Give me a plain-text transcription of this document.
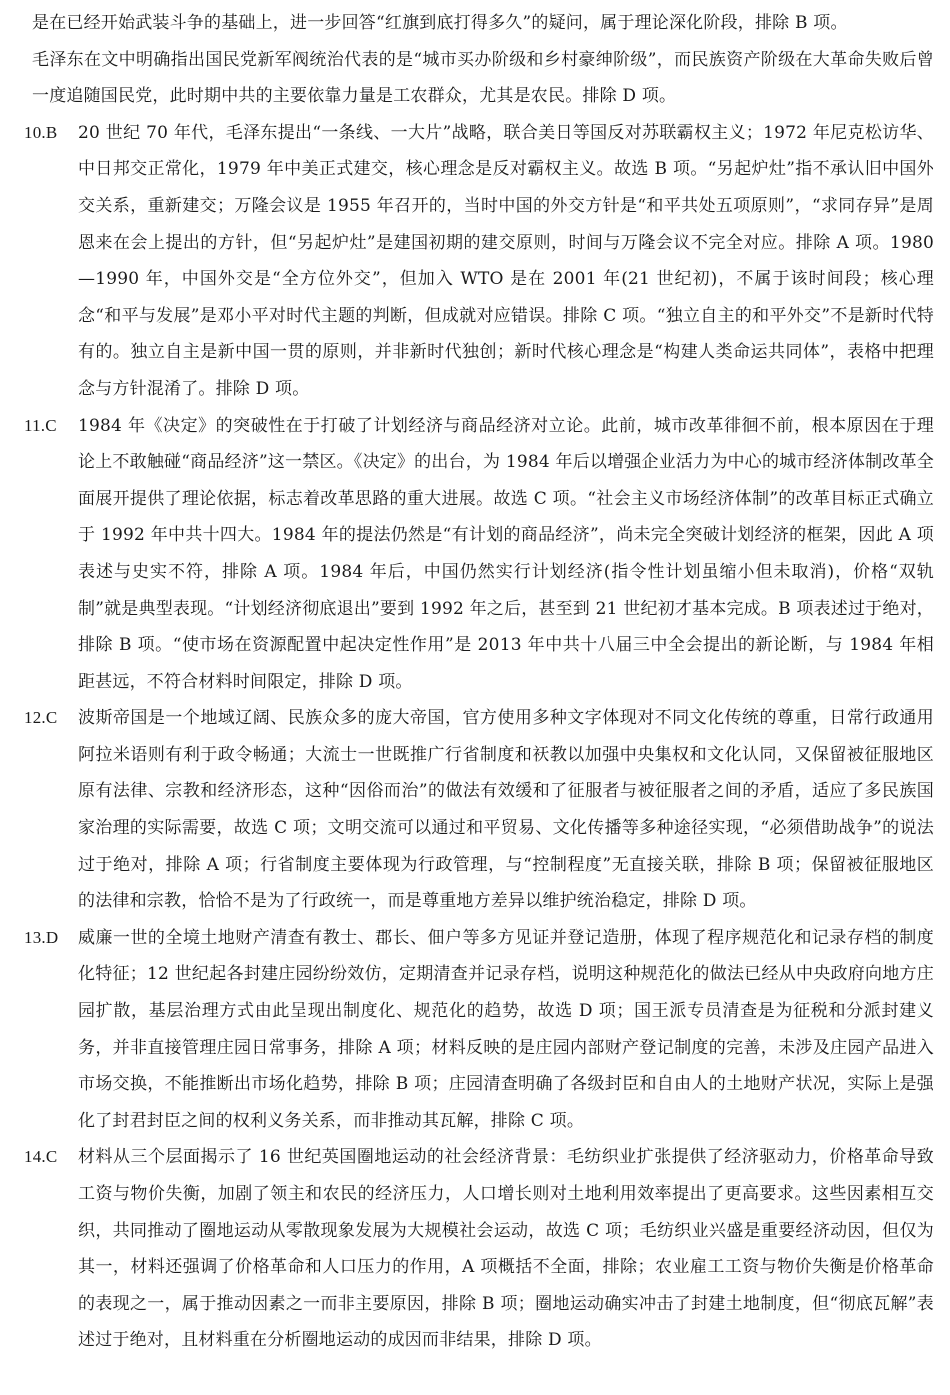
是在已经开始武装斗争的基础上，进一步回答“红旗到底打得多久”的疑问，属于理论深化阶段，排除 B 项。

毛泽东在文中明确指出国民党新军阀统治代表的是“城市买办阶级和乡村豪绅阶级”，而民族资产阶级在大革命失败后曾一度追随国民党，此时期中共的主要依靠力量是工农群众，尤其是农民。排除 D 项。

10.B 20 世纪 70 年代，毛泽东提出“一条线、一大片”战略，联合美日等国反对苏联霸权主义；1972 年尼克松访华、中日邦交正常化，1979 年中美正式建交，核心理念是反对霸权主义。故选 B 项。“另起炉灶”指不承认旧中国外交关系，重新建交；万隆会议是 1955 年召开的，当时中国的外交方针是“和平共处五项原则”，“求同存异”是周恩来在会上提出的方针，但“另起炉灶”是建国初期的建交原则，时间与万隆会议不完全对应。排除 A 项。1980—1990 年，中国外交是“全方位外交”，但加入 WTO 是在 2001 年(21 世纪初)，不属于该时间段；核心理念“和平与发展”是邓小平对时代主题的判断，但成就对应错误。排除 C 项。“独立自主的和平外交”不是新时代特有的。独立自主是新中国一贯的原则，并非新时代独创；新时代核心理念是“构建人类命运共同体”，表格中把理念与方针混淆了。排除 D 项。
11.C 1984 年《决定》的突破性在于打破了计划经济与商品经济对立论。此前，城市改革徘徊不前，根本原因在于理论上不敢触碰“商品经济”这一禁区。《决定》的出台，为 1984 年后以增强企业活力为中心的城市经济体制改革全面展开提供了理论依据，标志着改革思路的重大进展。故选 C 项。“社会主义市场经济体制”的改革目标正式确立于 1992 年中共十四大。1984 年的提法仍然是“有计划的商品经济”，尚未完全突破计划经济的框架，因此 A 项表述与史实不符，排除 A 项。1984 年后，中国仍然实行计划经济(指令性计划虽缩小但未取消)，价格“双轨制”就是典型表现。“计划经济彻底退出”要到 1992 年之后，甚至到 21 世纪初才基本完成。B 项表述过于绝对，排除 B 项。“使市场在资源配置中起决定性作用”是 2013 年中共十八届三中全会提出的新论断，与 1984 年相距甚远，不符合材料时间限定，排除 D 项。
12.C 波斯帝国是一个地域辽阔、民族众多的庞大帝国，官方使用多种文字体现对不同文化传统的尊重，日常行政通用阿拉米语则有利于政令畅通；大流士一世既推广行省制度和祆教以加强中央集权和文化认同，又保留被征服地区原有法律、宗教和经济形态，这种“因俗而治”的做法有效缓和了征服者与被征服者之间的矛盾，适应了多民族国家治理的实际需要，故选 C 项；文明交流可以通过和平贸易、文化传播等多种途径实现，“必须借助战争”的说法过于绝对，排除 A 项；行省制度主要体现为行政管理，与“控制程度”无直接关联，排除 B 项；保留被征服地区的法律和宗教，恰恰不是为了行政统一，而是尊重地方差异以维护统治稳定，排除 D 项。
13.D 威廉一世的全境土地财产清查有教士、郡长、佃户等多方见证并登记造册，体现了程序规范化和记录存档的制度化特征；12 世纪起各封建庄园纷纷效仿，定期清查并记录存档，说明这种规范化的做法已经从中央政府向地方庄园扩散，基层治理方式由此呈现出制度化、规范化的趋势，故选 D 项；国王派专员清查是为征税和分派封建义务，并非直接管理庄园日常事务，排除 A 项；材料反映的是庄园内部财产登记制度的完善，未涉及庄园产品进入市场交换，不能推断出市场化趋势，排除 B 项；庄园清查明确了各级封臣和自由人的土地财产状况，实际上是强化了封君封臣之间的权利义务关系，而非推动其瓦解，排除 C 项。
14.C 材料从三个层面揭示了 16 世纪英国圈地运动的社会经济背景：毛纺织业扩张提供了经济驱动力，价格革命导致工资与物价失衡，加剧了领主和农民的经济压力，人口增长则对土地利用效率提出了更高要求。这些因素相互交织，共同推动了圈地运动从零散现象发展为大规模社会运动，故选 C 项；毛纺织业兴盛是重要经济动因，但仅为其一，材料还强调了价格革命和人口压力的作用，A 项概括不全面，排除；农业雇工工资与物价失衡是价格革命的表现之一，属于推动因素之一而非主要原因，排除 B 项；圈地运动确实冲击了封建土地制度，但“彻底瓦解”表述过于绝对，且材料重在分析圈地运动的成因而非结果，排除 D 项。
